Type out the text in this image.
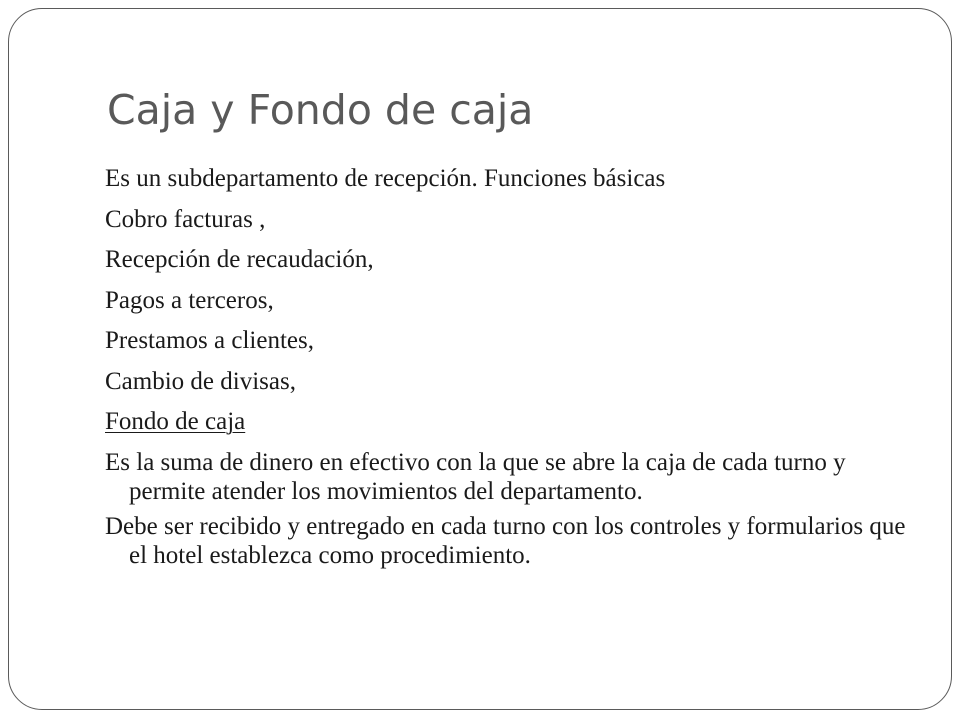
Caja y Fondo de caja

Es un subdepartamento de recepción. Funciones básicas

Cobro facturas ,

Recepción de recaudación,

Pagos a terceros,

Prestamos a clientes,

Cambio de divisas,

Fondo de caja

Es la suma de dinero en efectivo con la que se abre la caja de cada turno y permite atender los movimientos del departamento.

Debe ser recibido y entregado en cada turno con los controles y formularios que el hotel establezca como procedimiento.
